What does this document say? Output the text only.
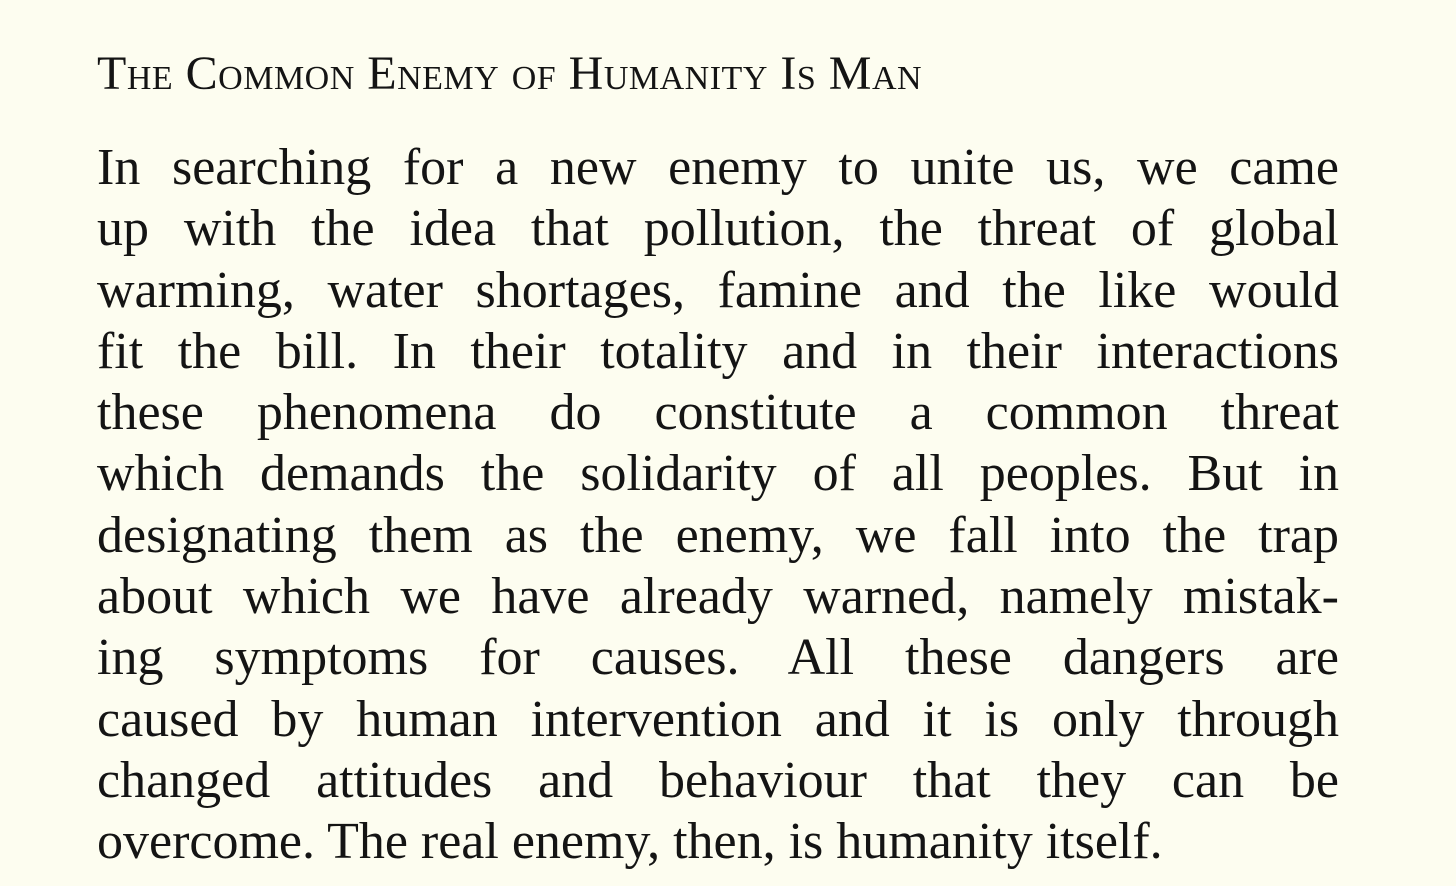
The Common Enemy of Humanity Is Man
In searching for a new enemy to unite us, we came
up with the idea that pollution, the threat of global
warming, water shortages, famine and the like would
fit the bill. In their totality and in their interactions
these phenomena do constitute a common threat
which demands the solidarity of all peoples. But in
designating them as the enemy, we fall into the trap
about which we have already warned, namely mistak-
ing symptoms for causes. All these dangers are
caused by human intervention and it is only through
changed attitudes and behaviour that they can be
overcome. The real enemy, then, is humanity itself.
